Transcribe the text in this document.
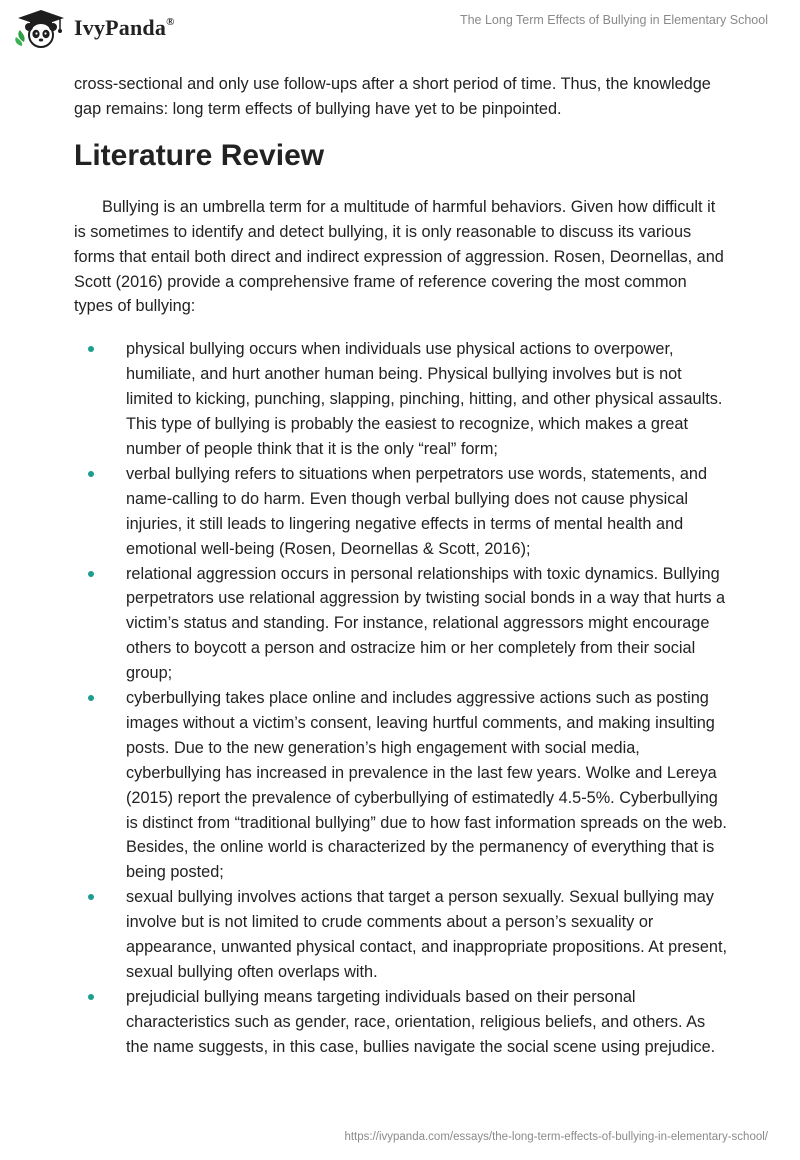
IvyPanda®	The Long Term Effects of Bullying in Elementary School

cross-sectional and only use follow-ups after a short period of time. Thus, the knowledge gap remains: long term effects of bullying have yet to be pinpointed.

Literature Review

Bullying is an umbrella term for a multitude of harmful behaviors. Given how difficult it is sometimes to identify and detect bullying, it is only reasonable to discuss its various forms that entail both direct and indirect expression of aggression. Rosen, Deornellas, and Scott (2016) provide a comprehensive frame of reference covering the most common types of bullying:

physical bullying occurs when individuals use physical actions to overpower, humiliate, and hurt another human being. Physical bullying involves but is not limited to kicking, punching, slapping, pinching, hitting, and other physical assaults. This type of bullying is probably the easiest to recognize, which makes a great number of people think that it is the only “real” form;
verbal bullying refers to situations when perpetrators use words, statements, and name-calling to do harm. Even though verbal bullying does not cause physical injuries, it still leads to lingering negative effects in terms of mental health and emotional well-being (Rosen, Deornellas & Scott, 2016);
relational aggression occurs in personal relationships with toxic dynamics. Bullying perpetrators use relational aggression by twisting social bonds in a way that hurts a victim’s status and standing. For instance, relational aggressors might encourage others to boycott a person and ostracize him or her completely from their social group;
cyberbullying takes place online and includes aggressive actions such as posting images without a victim’s consent, leaving hurtful comments, and making insulting posts. Due to the new generation’s high engagement with social media, cyberbullying has increased in prevalence in the last few years. Wolke and Lereya (2015) report the prevalence of cyberbullying of estimatedly 4.5-5%. Cyberbullying is distinct from “traditional bullying” due to how fast information spreads on the web. Besides, the online world is characterized by the permanency of everything that is being posted;
sexual bullying involves actions that target a person sexually. Sexual bullying may involve but is not limited to crude comments about a person’s sexuality or appearance, unwanted physical contact, and inappropriate propositions. At present, sexual bullying often overlaps with.
prejudicial bullying means targeting individuals based on their personal characteristics such as gender, race, orientation, religious beliefs, and others. As the name suggests, in this case, bullies navigate the social scene using prejudice.
https://ivypanda.com/essays/the-long-term-effects-of-bullying-in-elementary-school/
